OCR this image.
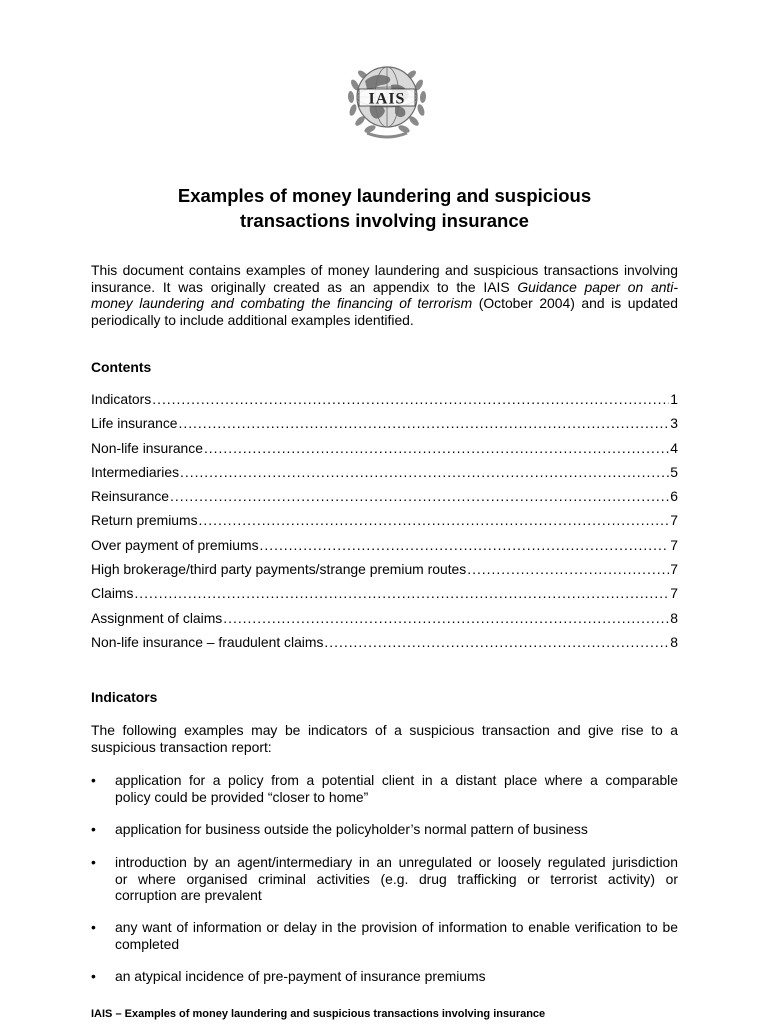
IAIS
Examples of money laundering and suspicious
transactions involving insurance
This document contains examples of money laundering and suspicious transactions involving
insurance. It was originally created as an appendix to the IAIS Guidance paper on anti-
money laundering and combating the financing of terrorism (October 2004) and is updated
periodically to include additional examples identified.
Contents
Indicators .....	1
Life insurance .....	3
Non-life insurance .....	4
Intermediaries .....	5
Reinsurance .....	6
Return premiums .....	7
Over payment of premiums .....	7
High brokerage/third party payments/strange premium routes .....	7
Claims .....	7
Assignment of claims .....	8
Non-life insurance – fraudulent claims .....	8
Indicators
The following examples may be indicators of a suspicious transaction and give rise to a
suspicious transaction report:
•	application for a policy from a potential client in a distant place where a comparable
policy could be provided “closer to home”
•	application for business outside the policyholder’s normal pattern of business
•	introduction by an agent/intermediary in an unregulated or loosely regulated jurisdiction
or where organised criminal activities (e.g. drug trafficking or terrorist activity) or
corruption are prevalent
•	any want of information or delay in the provision of information to enable verification to be
completed
•	an atypical incidence of pre-payment of insurance premiums
IAIS – Examples of money laundering and suspicious transactions involving insurance
